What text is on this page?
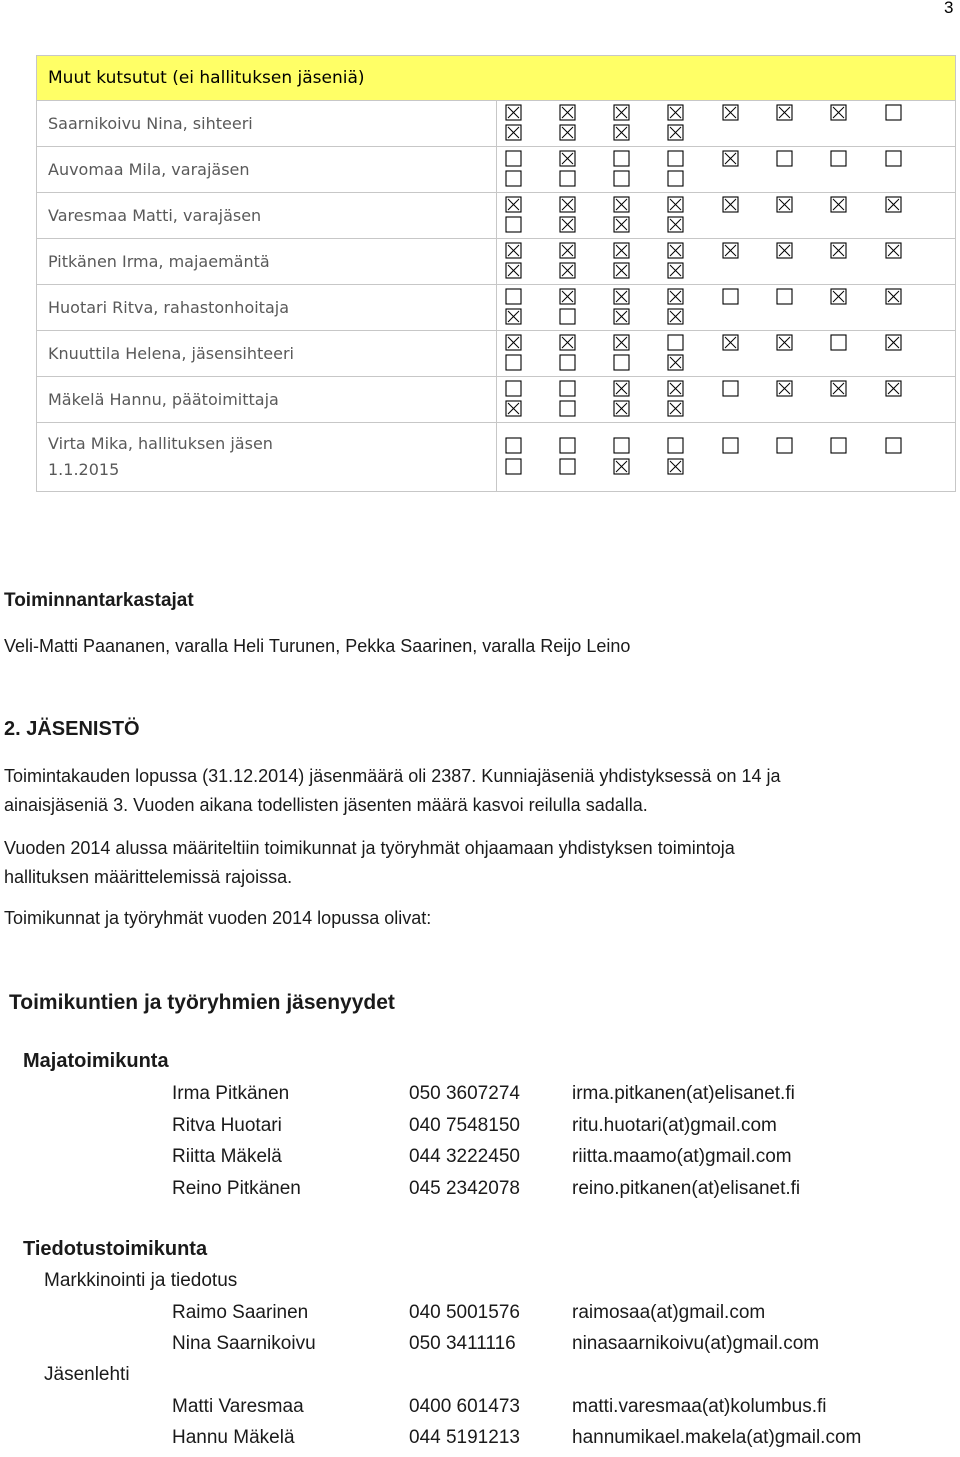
3
Muut kutsutut (ei hallituksen jäseniä)	

Saarnikoivu Nina, sihteeri

Auvomaa Mila, varajäsen

Varesmaa Matti, varajäsen

Pitkänen Irma, majaemäntä

Huotari Ritva, rahastonhoitaja

Knuuttila Helena, jäsensihteeri

Mäkelä Hannu, päätoimittaja

Virta Mika, hallituksen jäsen
1.1.2015

Toiminnantarkastajat
Veli-Matti Paananen, varalla Heli Turunen, Pekka Saarinen, varalla Reijo Leino
2. JÄSENISTÖ
Toimintakauden lopussa (31.12.2014) jäsenmäärä oli 2387. Kunniajäseniä yhdistyksessä on 14 ja
ainaisjäseniä 3. Vuoden aikana todellisten jäsenten määrä kasvoi reilulla sadalla.
Vuoden 2014 alussa määriteltiin toimikunnat ja työryhmät ohjaamaan yhdistyksen toimintoja
hallituksen määrittelemissä rajoissa.
Toimikunnat ja työryhmät vuoden 2014 lopussa olivat:
Toimikuntien ja työryhmien jäsenyydet
Majatoimikunta
Irma Pitkänen	050 3607274	irma.pitkanen(at)elisanet.fi
Ritva Huotari	040 7548150	ritu.huotari(at)gmail.com
Riitta Mäkelä	044 3222450	riitta.maamo(at)gmail.com
Reino Pitkänen	045 2342078	reino.pitkanen(at)elisanet.fi
Tiedotustoimikunta
Markkinointi ja tiedotus
Raimo Saarinen	040 5001576	raimosaa(at)gmail.com
Nina Saarnikoivu	050 3411116	ninasaarnikoivu(at)gmail.com
Jäsenlehti
Matti Varesmaa	0400 601473	matti.varesmaa(at)kolumbus.fi
Hannu Mäkelä	044 5191213	hannumikael.makela(at)gmail.com
